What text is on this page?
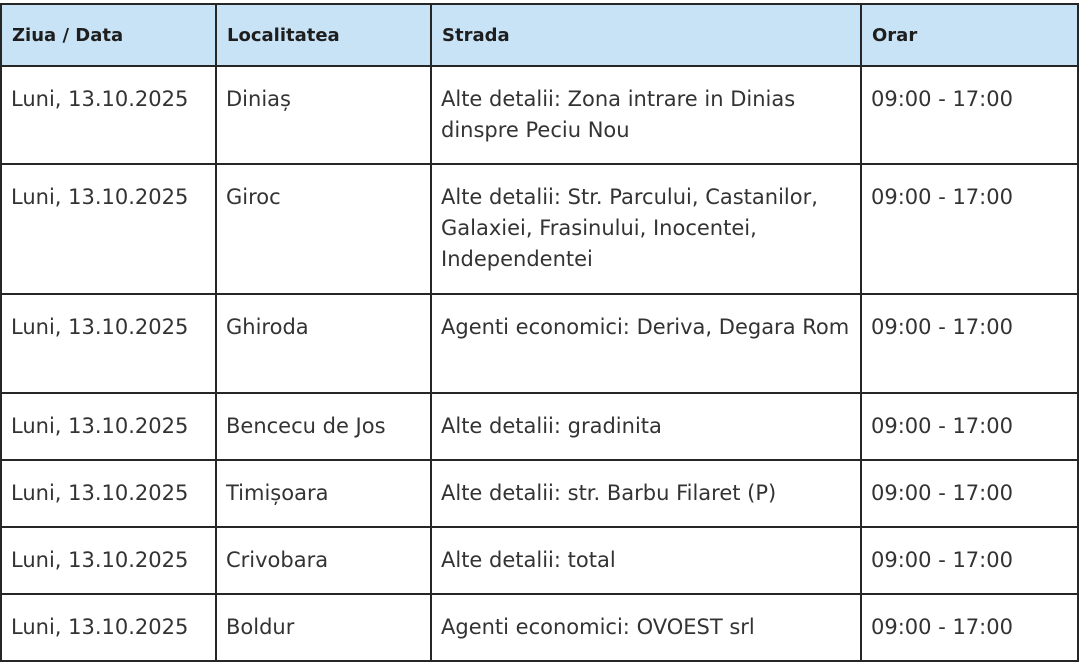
Ziua / Data	Localitatea	Strada	Orar
Luni, 13.10.2025	Diniaș	Alte detalii: Zona intrare in Dinias dinspre Peciu Nou	09:00 - 17:00
Luni, 13.10.2025	Giroc	Alte detalii: Str. Parcului, Castanilor, Galaxiei, Frasinului, Inocentei, Independentei	09:00 - 17:00
Luni, 13.10.2025	Ghiroda	Agenti economici: Deriva, Degara Rom	09:00 - 17:00
Luni, 13.10.2025	Bencecu de Jos	Alte detalii: gradinita	09:00 - 17:00
Luni, 13.10.2025	Timișoara	Alte detalii: str. Barbu Filaret (P)	09:00 - 17:00
Luni, 13.10.2025	Crivobara	Alte detalii: total	09:00 - 17:00
Luni, 13.10.2025	Boldur	Agenti economici: OVOEST srl	09:00 - 17:00
